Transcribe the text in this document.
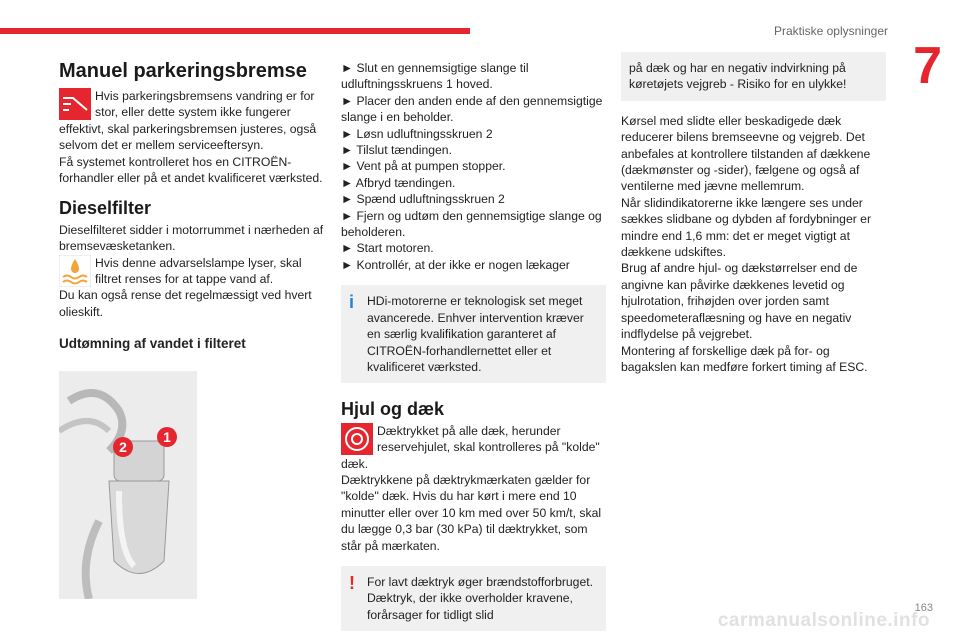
Praktiske oplysninger
7
Manuel parkeringsbremse

Hvis parkeringsbremsens vandring er for stor, eller dette system ikke fungerer effektivt, skal parkeringsbremsen justeres, også selvom det er mellem serviceeftersyn.

Få systemet kontrolleret hos en CITROËN-forhandler eller på et andet kvalificeret værksted.

Dieselfilter

Dieselfilteret sidder i motorrummet i nærheden af bremsevæsketanken.

Hvis denne advarselslampe lyser, skal filtret renses for at tappe vand af.

Du kan også rense det regelmæssigt ved hvert olieskift.

Udtømning af vandet i filteret
2
1

► Slut en gennemsigtige slange til udluftningsskruens 1 hoved.

► Placer den anden ende af den gennemsigtige slange i en beholder.

► Løsn udluftningsskruen 2

► Tilslut tændingen.

► Vent på at pumpen stopper.

► Afbryd tændingen.

► Spænd udluftningsskruen 2

► Fjern og udtøm den gennemsigtige slange og beholderen.

► Start motoren.

► Kontrollér, at der ikke er nogen lækager

i	HDi-motorerne er teknologisk set meget avancerede. Enhver intervention kræver en særlig kvalifikation garanteret af CITROËN-forhandlernettet eller et kvalificeret værksted.

Hjul og dæk

Dæktrykket på alle dæk, herunder reservehjulet, skal kontrolleres på "kolde" dæk.

Dæktrykkene på dæktrykmærkaten gælder for "kolde" dæk. Hvis du har kørt i mere end 10 minutter eller over 10 km med over 50 km/t, skal du lægge 0,3 bar (30 kPa) til dæktrykket, som står på mærkaten.

! For lavt dæktryk øger brændstofforbruget. Dæktryk, der ikke overholder kravene, forårsager for tidligt slid

på dæk og har en negativ indvirkning på køretøjets vejgreb - Risiko for en ulykke!

Kørsel med slidte eller beskadigede dæk reducerer bilens bremseevne og vejgreb. Det anbefales at kontrollere tilstanden af dækkene (dækmønster og -sider), fælgene og også af ventilerne med jævne mellemrum.

Når slidindikatorerne ikke længere ses under sækkes slidbane og dybden af fordybninger er mindre end 1,6 mm: det er meget vigtigt at dækkene udskiftes.

Brug af andre hjul- og dækstørrelser end de angivne kan påvirke dækkenes levetid og hjulrotation, frihøjden over jorden samt speedometeraflæsning og have en negativ indflydelse på vejgrebet.

Montering af forskellige dæk på for- og bagakslen kan medføre forkert timing af ESC.

carmanualsonline.info
163
